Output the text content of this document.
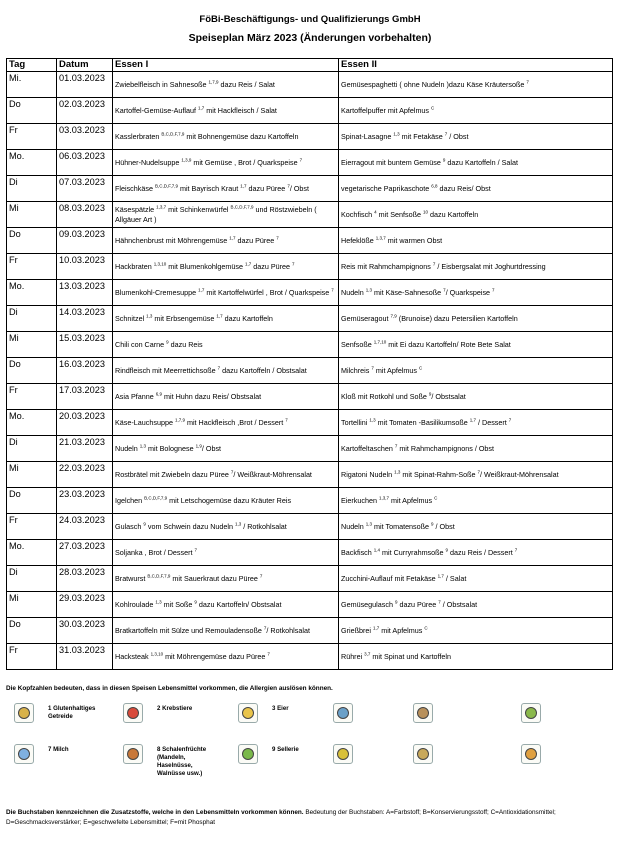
FöBi-Beschäftigungs- und Qualifizierungs GmbH
Speiseplan März 2023 (Änderungen vorbehalten)
Tag	Datum	Essen I	Essen II
Mi.	01.03.2023	Zwiebelfleisch in Sahnesoße $^{1,7,9}$ dazu Reis / Salat	Gemüsespaghetti ( ohne Nudeln )dazu Käse Kräutersoße $^7$
Do	02.03.2023	Kartoffel-Gemüse-Auflauf $^{1,7}$ mit Hackfleisch / Salat	Kartoffelpuffer mit Apfelmus $^C$
Fr	03.03.2023	Kasslerbraten $^{B,C,D,F,7,9}$ mit Bohnengemüse dazu Kartoffeln	Spinat-Lasagne $^{1,3}$ mit Fetakäse $^7$ / Obst
Mo.	06.03.2023	Hühner-Nudelsuppe $^{1,3,9}$ mit Gemüse , Brot / Quarkspeise $^7$	Eierragout mit buntem Gemüse $^9$ dazu Kartoffeln / Salat
Di	07.03.2023	Fleischkäse $^{B,C,D,F,7,9}$ mit Bayrisch Kraut $^{1,7}$ dazu Püree $^7$/ Obst	vegetarische Paprikaschote $^{6,8}$ dazu Reis/ Obst
Mi	08.03.2023	Käsespätzle $^{1,3,7}$ mit Schinkenwürfel $^{B,C,D,F,7,9}$ und Röstzwiebeln ( Allgäuer Art )	Kochfisch $^4$ mit Senfsoße $^{10}$ dazu Kartoffeln
Do	09.03.2023	Hähnchenbrust mit Möhrengemüse $^{1,7}$ dazu Püree $^7$	Hefeklöße $^{1,3,7}$ mit warmen Obst
Fr	10.03.2023	Hackbraten $^{1,3,10}$ mit Blumenkohlgemüse $^{1,7}$ dazu Püree $^7$	Reis mit Rahmchampignons $^7$ / Eisbergsalat mit Joghurtdressing
Mo.	13.03.2023	Blumenkohl-Cremesuppe $^{1,7}$ mit Kartoffelwürfel , Brot / Quarkspeise $^7$	Nudeln $^{1,3}$ mit Käse-Sahnesoße $^7$/ Quarkspeise $^7$
Di	14.03.2023	Schnitzel $^{1,3}$ mit Erbsengemüse $^{1,7}$ dazu Kartoffeln	Gemüseragout $^{7,9}$ (Brunoise) dazu Petersilien Kartoffeln
Mi	15.03.2023	Chili con Carne $^9$ dazu Reis	Senfsoße $^{1,7,10}$ mit Ei dazu Kartoffeln/ Rote Bete Salat
Do	16.03.2023	Rindfleisch mit Meerrettichsoße $^7$ dazu Kartoffeln / Obstsalat	Milchreis $^7$ mit Apfelmus $^C$
Fr	17.03.2023	Asia Pfanne $^{6,9}$ mit Huhn dazu Reis/ Obstsalat	Kloß mit Rotkohl und Soße $^9$/ Obstsalat
Mo.	20.03.2023	Käse-Lauchsuppe $^{1,7,9}$ mit Hackfleisch ,Brot / Dessert $^7$	Tortellini $^{1,3}$ mit Tomaten -Basilikumsoße $^{1,7}$ / Dessert $^7$
Di	21.03.2023	Nudeln $^{1,3}$ mit Bolognese $^{1,9}$/ Obst	Kartoffeltaschen $^7$ mit Rahmchampignons / Obst
Mi	22.03.2023	Rostbrätel mit Zwiebeln dazu Püree $^7$/ Weißkraut-Möhrensalat	Rigatoni Nudeln $^{1,3}$ mit Spinat-Rahm-Soße $^7$/ Weißkraut-Möhrensalat
Do	23.03.2023	Igelchen $^{B,C,D,F,7,9}$ mit Letschogemüse dazu Kräuter Reis	Eierkuchen $^{1,3,7}$ mit Apfelmus $^C$
Fr	24.03.2023	Gulasch $^9$ vom Schwein dazu Nudeln $^{1,3}$ / Rotkohlsalat	Nudeln $^{1,3}$ mit Tomatensoße $^9$ / Obst
Mo.	27.03.2023	Soljanka , Brot / Dessert $^7$	Backfisch $^{1,4}$ mit Curryrahmsoße $^9$ dazu Reis / Dessert $^7$
Di	28.03.2023	Bratwurst $^{B,C,D,F,7,9}$ mit Sauerkraut dazu Püree $^7$	Zucchini-Auflauf mit Fetakäse $^{1,7}$ / Salat
Mi	29.03.2023	Kohlroulade $^{1,3}$ mit Soße $^9$ dazu Kartoffeln/ Obstsalat	Gemüsegulasch $^9$ dazu Püree $^7$ / Obstsalat
Do	30.03.2023	Bratkartoffeln mit Sülze und Remouladensoße $^7$/ Rotkohlsalat	Grießbrei $^{1,7}$ mit Apfelmus $^C$
Fr	31.03.2023	Hacksteak $^{1,3,10}$ mit Möhrengemüse dazu Püree $^7$	Rührei $^{3,7}$ mit Spinat und Kartoffeln
Die Kopfzahlen bedeuten, dass in diesen Speisen Lebensmittel vorkommen, die Allergien auslösen können.
1 Glutenhaltiges Getreide
2 Krebstiere	3 Eier
7 Milch	8 Schalenfrüchte (Mandeln, Haselnüsse, Walnüsse usw.)
9 Sellerie
Die Buchstaben kennzeichnen die Zusatzstoffe, welche in den Lebensmitteln vorkommen können. Bedeutung der Buchstaben: A=Farbstoff; B=Konservierungsstoff; C=Antioxidationsmittel; D=Geschmacksverstärker; E=geschwefelte Lebensmittel; F=mit Phosphat
